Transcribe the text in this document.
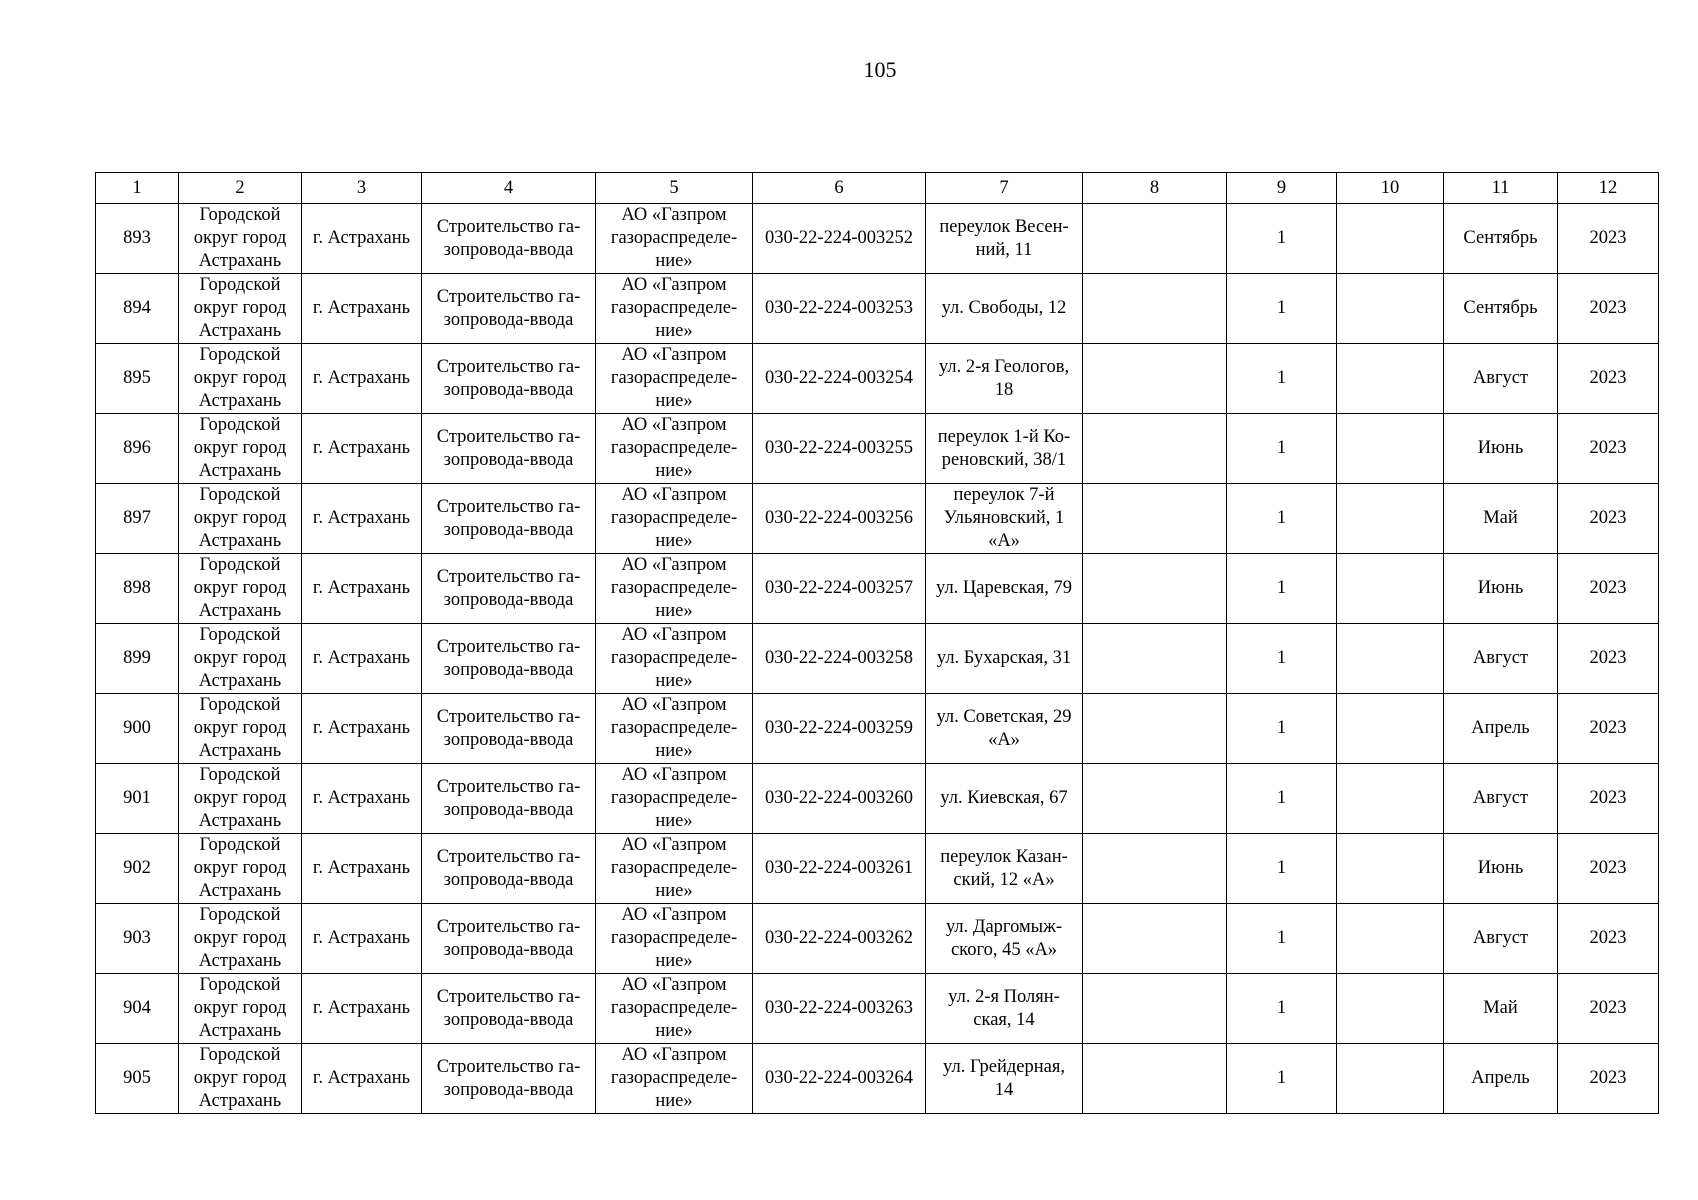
105
1	2	3	4	5	6	7	8	9	10	11	12
893	Городской
округ город
Астрахань	г. Астрахань	Строительство га-
зопровода-ввода	АО «Газпром
газораспределе-
ние»	030-22-224-003252	переулок Весен-
ний, 11		1		Сентябрь	2023
894	Городской
округ город
Астрахань	г. Астрахань	Строительство га-
зопровода-ввода	АО «Газпром
газораспределе-
ние»	030-22-224-003253	ул. Свободы, 12		1		Сентябрь	2023
895	Городской
округ город
Астрахань	г. Астрахань	Строительство га-
зопровода-ввода	АО «Газпром
газораспределе-
ние»	030-22-224-003254	ул. 2-я Геологов,
18		1		Август	2023
896	Городской
округ город
Астрахань	г. Астрахань	Строительство га-
зопровода-ввода	АО «Газпром
газораспределе-
ние»	030-22-224-003255	переулок 1-й Ко-
реновский, 38/1		1		Июнь	2023
897	Городской
округ город
Астрахань	г. Астрахань	Строительство га-
зопровода-ввода	АО «Газпром
газораспределе-
ние»	030-22-224-003256	переулок 7-й
Ульяновский, 1
«А»		1		Май	2023
898	Городской
округ город
Астрахань	г. Астрахань	Строительство га-
зопровода-ввода	АО «Газпром
газораспределе-
ние»	030-22-224-003257	ул. Царевская, 79		1		Июнь	2023
899	Городской
округ город
Астрахань	г. Астрахань	Строительство га-
зопровода-ввода	АО «Газпром
газораспределе-
ние»	030-22-224-003258	ул. Бухарская, 31		1		Август	2023
900	Городской
округ город
Астрахань	г. Астрахань	Строительство га-
зопровода-ввода	АО «Газпром
газораспределе-
ние»	030-22-224-003259	ул. Советская, 29
«А»		1		Апрель	2023
901	Городской
округ город
Астрахань	г. Астрахань	Строительство га-
зопровода-ввода	АО «Газпром
газораспределе-
ние»	030-22-224-003260	ул. Киевская, 67		1		Август	2023
902	Городской
округ город
Астрахань	г. Астрахань	Строительство га-
зопровода-ввода	АО «Газпром
газораспределе-
ние»	030-22-224-003261	переулок Казан-
ский, 12 «А»		1		Июнь	2023
903	Городской
округ город
Астрахань	г. Астрахань	Строительство га-
зопровода-ввода	АО «Газпром
газораспределе-
ние»	030-22-224-003262	ул. Даргомыж-
ского, 45 «А»		1		Август	2023
904	Городской
округ город
Астрахань	г. Астрахань	Строительство га-
зопровода-ввода	АО «Газпром
газораспределе-
ние»	030-22-224-003263	ул. 2-я Полян-
ская, 14		1		Май	2023
905	Городской
округ город
Астрахань	г. Астрахань	Строительство га-
зопровода-ввода	АО «Газпром
газораспределе-
ние»	030-22-224-003264	ул. Грейдерная,
14		1		Апрель	2023
